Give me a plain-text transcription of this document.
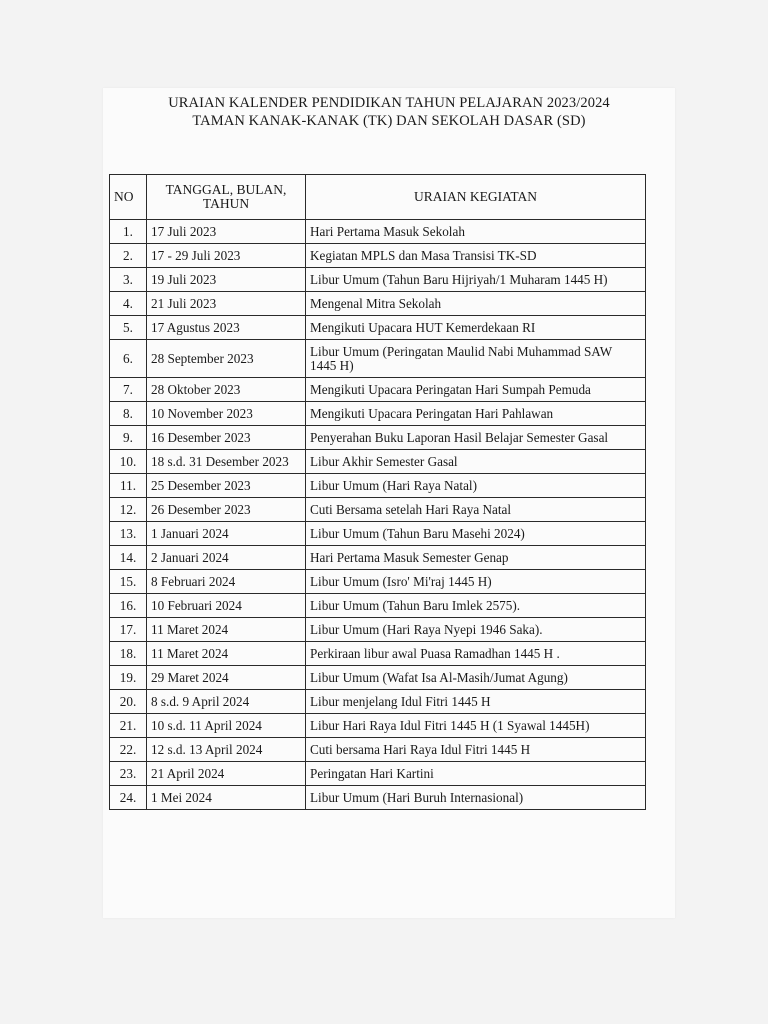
URAIAN KALENDER PENDIDIKAN TAHUN PELAJARAN 2023/2024
TAMAN KANAK-KANAK (TK) DAN SEKOLAH DASAR (SD)
NO	TANGGAL, BULAN, TAHUN	URAIAN KEGIATAN
1.	17 Juli 2023	Hari Pertama Masuk Sekolah
2.	17 - 29 Juli 2023	Kegiatan MPLS dan Masa Transisi TK-SD
3.	19 Juli 2023	Libur Umum (Tahun Baru Hijriyah/1 Muharam 1445 H)
4.	21 Juli 2023	Mengenal Mitra Sekolah
5.	17 Agustus 2023	Mengikuti Upacara HUT Kemerdekaan RI
6.	28 September 2023	Libur Umum (Peringatan Maulid Nabi Muhammad SAW 1445 H)
7.	28 Oktober 2023	Mengikuti Upacara Peringatan Hari Sumpah Pemuda
8.	10 November 2023	Mengikuti Upacara Peringatan Hari Pahlawan
9.	16 Desember 2023	Penyerahan Buku Laporan Hasil Belajar Semester Gasal
10.	18 s.d. 31 Desember 2023	Libur Akhir Semester Gasal
11.	25 Desember 2023	Libur Umum (Hari Raya Natal)
12.	26 Desember 2023	Cuti Bersama setelah Hari Raya Natal
13.	1 Januari 2024	Libur Umum (Tahun Baru Masehi 2024)
14.	2 Januari 2024	Hari Pertama Masuk Semester Genap
15.	8 Februari 2024	Libur Umum (Isro' Mi'raj 1445 H)
16.	10 Februari 2024	Libur Umum (Tahun Baru Imlek 2575).
17.	11 Maret 2024	Libur Umum (Hari Raya Nyepi 1946 Saka).
18.	11 Maret 2024	Perkiraan libur awal Puasa Ramadhan 1445 H .
19.	29 Maret 2024	Libur Umum (Wafat Isa Al-Masih/Jumat Agung)
20.	8 s.d. 9 April 2024	Libur menjelang Idul Fitri 1445 H
21.	10 s.d. 11 April 2024	Libur Hari Raya Idul Fitri 1445 H (1 Syawal 1445H)
22.	12 s.d. 13 April 2024	Cuti bersama Hari Raya Idul Fitri 1445 H
23.	21 April 2024	Peringatan Hari Kartini
24.	1 Mei 2024	Libur Umum (Hari Buruh Internasional)
